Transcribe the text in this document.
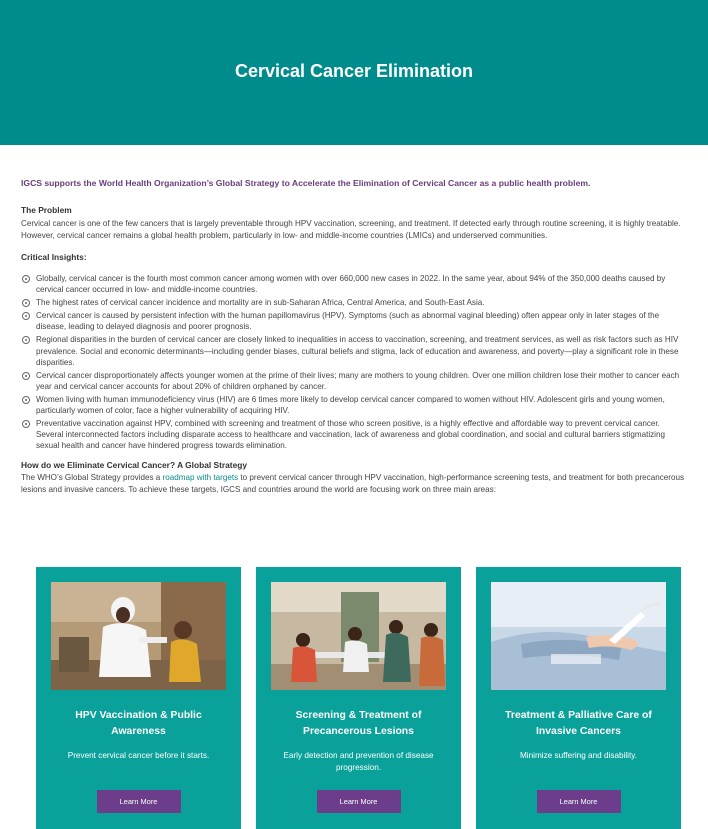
Cervical Cancer Elimination

IGCS supports the World Health Organization’s Global Strategy to Accelerate the Elimination of Cervical Cancer as a public health problem.

The Problem

Cervical cancer is one of the few cancers that is largely preventable through HPV vaccination, screening, and treatment. If detected early through routine screening, it is highly treatable. However, cervical cancer remains a global health problem, particularly in low- and middle-income countries (LMICs) and underserved communities.

Critical Insights:

Globally, cervical cancer is the fourth most common cancer among women with over 660,000 new cases in 2022. In the same year, about 94% of the 350,000 deaths caused by cervical cancer occurred in low- and middle-income countries.
The highest rates of cervical cancer incidence and mortality are in sub-Saharan Africa, Central America, and South-East Asia.
Cervical cancer is caused by persistent infection with the human papillomavirus (HPV). Symptoms (such as abnormal vaginal bleeding) often appear only in later stages of the disease, leading to delayed diagnosis and poorer prognosis.
Regional disparities in the burden of cervical cancer are closely linked to inequalities in access to vaccination, screening, and treatment services, as well as risk factors such as HIV prevalence. Social and economic determinants—including gender biases, cultural beliefs and stigma, lack of education and awareness, and poverty—play a significant role in these disparities.
Cervical cancer disproportionately affects younger women at the prime of their lives; many are mothers to young children. Over one million children lose their mother to cancer each year and cervical cancer accounts for about 20% of children orphaned by cancer.
Women living with human immunodeficiency virus (HIV) are 6 times more likely to develop cervical cancer compared to women without HIV. Adolescent girls and young women, particularly women of color, face a higher vulnerability of acquiring HIV.
Preventative vaccination against HPV, combined with screening and treatment of those who screen positive, is a highly effective and affordable way to prevent cervical cancer. Several interconnected factors including disparate access to healthcare and vaccination, lack of awareness and global coordination, and social and cultural barriers stigmatizing sexual health and cancer have hindered progress towards elimination.

How do we Eliminate Cervical Cancer? A Global Strategy

The WHO’s Global Strategy provides a roadmap with targets to prevent cervical cancer through HPV vaccination, high-performance screening tests, and treatment for both precancerous lesions and invasive cancers. To achieve these targets, IGCS and countries around the world are focusing work on three main areas:

HPV Vaccination & Public Awareness
Prevent cervical cancer before it starts.
Learn More
Screening & Treatment of Precancerous Lesions
Early detection and prevention of disease progression.
Learn More
Treatment & Palliative Care of Invasive Cancers
Minimize suffering and disability.
Learn More
